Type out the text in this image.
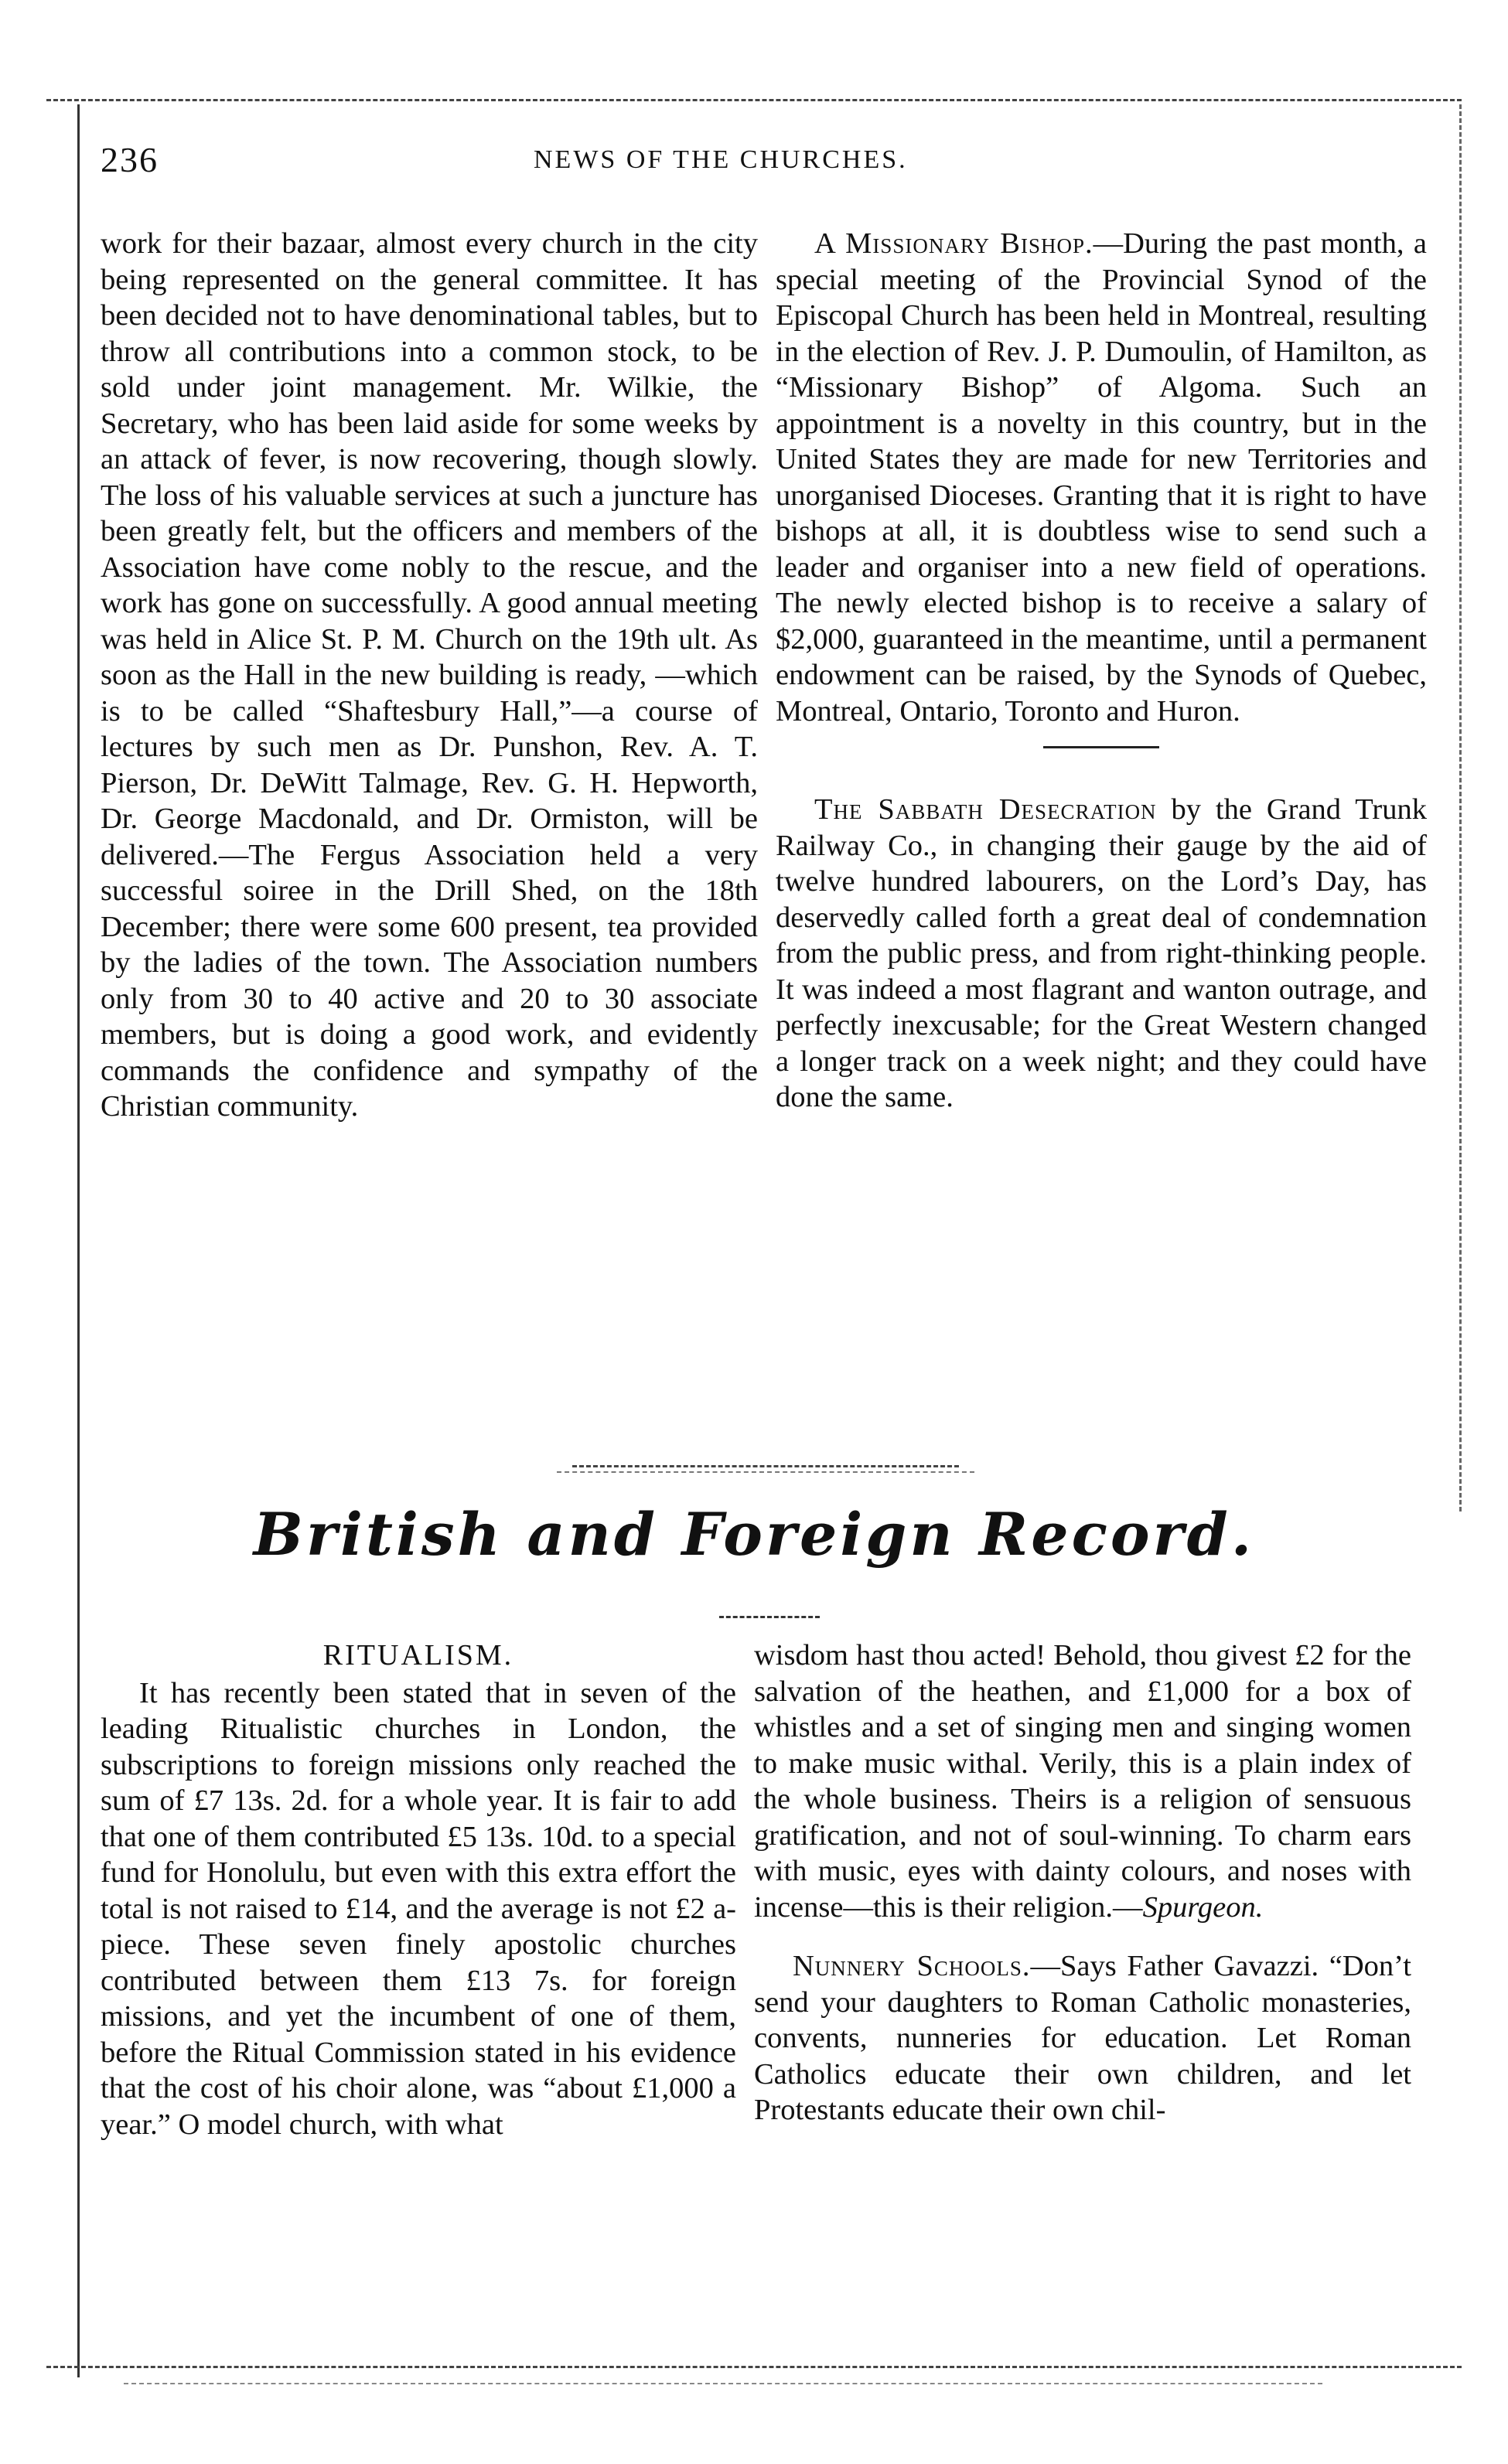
236	NEWS OF THE CHURCHES.

work for their bazaar, almost every church in the city being represented on the general committee. It has been decided not to have denominational tables, but to throw all contributions into a common stock, to be sold under joint management. Mr. Wilkie, the Secretary, who has been laid aside for some weeks by an attack of fever, is now recovering, though slowly. The loss of his valuable services at such a juncture has been greatly felt, but the officers and members of the Association have come nobly to the rescue, and the work has gone on successfully. A good annual meeting was held in Alice St. P. M. Church on the 19th ult. As soon as the Hall in the new building is ready, —which is to be called “Shaftesbury Hall,”—a course of lectures by such men as Dr. Punshon, Rev. A. T. Pierson, Dr. DeWitt Talmage, Rev. G. H. Hepworth, Dr. George Macdonald, and Dr. Ormiston, will be delivered.—The Fergus Association held a very successful soiree in the Drill Shed, on the 18th December; there were some 600 present, tea provided by the ladies of the town. The Association numbers only from 30 to 40 active and 20 to 30 associate members, but is doing a good work, and evidently commands the confidence and sympathy of the Christian community.

A Missionary Bishop.—During the past month, a special meeting of the Provincial Synod of the Episcopal Church has been held in Montreal, resulting in the election of Rev. J. P. Dumoulin, of Hamilton, as “Missionary Bishop” of Algoma. Such an appointment is a novelty in this country, but in the United States they are made for new Territories and unorganised Dioceses. Granting that it is right to have bishops at all, it is doubtless wise to send such a leader and organiser into a new field of operations. The newly elected bishop is to receive a salary of $2,000, guaranteed in the meantime, until a permanent endowment can be raised, by the Synods of Quebec, Montreal, Ontario, Toronto and Huron.

The Sabbath Desecration by the Grand Trunk Railway Co., in changing their gauge by the aid of twelve hundred labourers, on the Lord’s Day, has deservedly called forth a great deal of condemnation from the public press, and from right-thinking people. It was indeed a most flagrant and wanton outrage, and perfectly inexcusable; for the Great Western changed a longer track on a week night; and they could have done the same.

British and Foreign Record.

RITUALISM.

It has recently been stated that in seven of the leading Ritualistic churches in London, the subscriptions to foreign missions only reached the sum of £7 13s. 2d. for a whole year. It is fair to add that one of them contributed £5 13s. 10d. to a special fund for Honolulu, but even with this extra effort the total is not raised to £14, and the average is not £2 a-piece. These seven finely apostolic churches contributed between them £13 7s. for foreign missions, and yet the incumbent of one of them, before the Ritual Commission stated in his evidence that the cost of his choir alone, was “about £1,000 a year.” O model church, with what

wisdom hast thou acted! Behold, thou givest £2 for the salvation of the heathen, and £1,000 for a box of whistles and a set of singing men and singing women to make music withal. Verily, this is a plain index of the whole business. Theirs is a religion of sensuous gratification, and not of soul-winning. To charm ears with music, eyes with dainty colours, and noses with incense—this is their religion.—Spurgeon.

Nunnery Schools.—Says Father Gavazzi. “Don’t send your daughters to Roman Catholic monasteries, convents, nunneries for education. Let Roman Catholics educate their own children, and let Protestants educate their own chil-
